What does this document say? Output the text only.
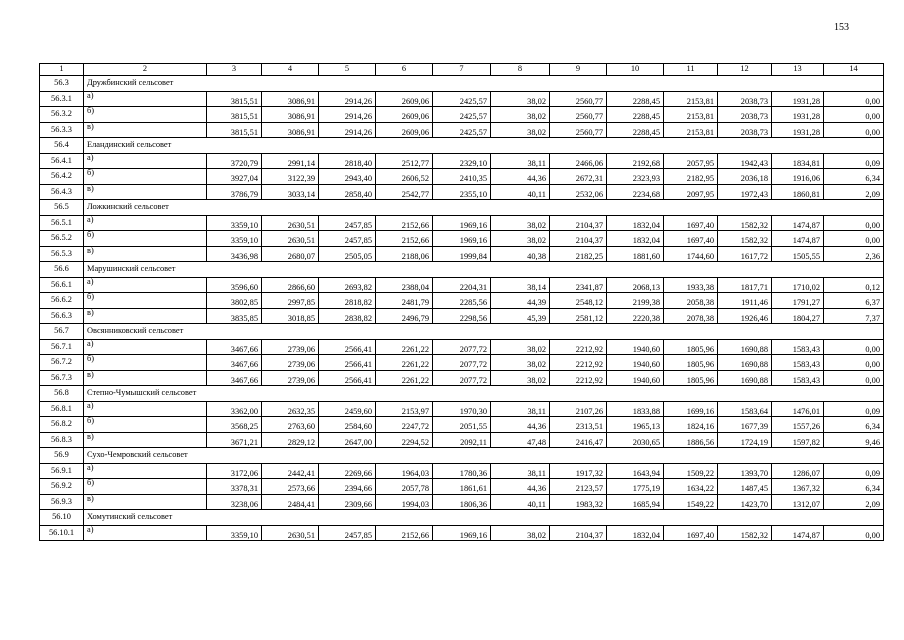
153
1	2	3	4	5	6	7	8	9	10	11	12	13	14
56.3	Дружбинский сельсовет												
56.3.1	а)	3815,51	3086,91	2914,26	2609,06	2425,57	38,02	2560,77	2288,45	2153,81	2038,73	1931,28	0,00
56.3.2	б)	3815,51	3086,91	2914,26	2609,06	2425,57	38,02	2560,77	2288,45	2153,81	2038,73	1931,28	0,00
56.3.3	в)	3815,51	3086,91	2914,26	2609,06	2425,57	38,02	2560,77	2288,45	2153,81	2038,73	1931,28	0,00
56.4	Еландинский сельсовет												
56.4.1	а)	3720,79	2991,14	2818,40	2512,77	2329,10	38,11	2466,06	2192,68	2057,95	1942,43	1834,81	0,09
56.4.2	б)	3927,04	3122,39	2943,40	2606,52	2410,35	44,36	2672,31	2323,93	2182,95	2036,18	1916,06	6,34
56.4.3	в)	3786,79	3033,14	2858,40	2542,77	2355,10	40,11	2532,06	2234,68	2097,95	1972,43	1860,81	2,09
56.5	Ложкинский сельсовет												
56.5.1	а)	3359,10	2630,51	2457,85	2152,66	1969,16	38,02	2104,37	1832,04	1697,40	1582,32	1474,87	0,00
56.5.2	б)	3359,10	2630,51	2457,85	2152,66	1969,16	38,02	2104,37	1832,04	1697,40	1582,32	1474,87	0,00
56.5.3	в)	3436,98	2680,07	2505,05	2188,06	1999,84	40,38	2182,25	1881,60	1744,60	1617,72	1505,55	2,36
56.6	Марушинский сельсовет												
56.6.1	а)	3596,60	2866,60	2693,82	2388,04	2204,31	38,14	2341,87	2068,13	1933,38	1817,71	1710,02	0,12
56.6.2	б)	3802,85	2997,85	2818,82	2481,79	2285,56	44,39	2548,12	2199,38	2058,38	1911,46	1791,27	6,37
56.6.3	в)	3835,85	3018,85	2838,82	2496,79	2298,56	45,39	2581,12	2220,38	2078,38	1926,46	1804,27	7,37
56.7	Овсянниковский сельсовет												
56.7.1	а)	3467,66	2739,06	2566,41	2261,22	2077,72	38,02	2212,92	1940,60	1805,96	1690,88	1583,43	0,00
56.7.2	б)	3467,66	2739,06	2566,41	2261,22	2077,72	38,02	2212,92	1940,60	1805,96	1690,88	1583,43	0,00
56.7.3	в)	3467,66	2739,06	2566,41	2261,22	2077,72	38,02	2212,92	1940,60	1805,96	1690,88	1583,43	0,00
56.8	Степно-Чумышский сельсовет												
56.8.1	а)	3362,00	2632,35	2459,60	2153,97	1970,30	38,11	2107,26	1833,88	1699,16	1583,64	1476,01	0,09
56.8.2	б)	3568,25	2763,60	2584,60	2247,72	2051,55	44,36	2313,51	1965,13	1824,16	1677,39	1557,26	6,34
56.8.3	в)	3671,21	2829,12	2647,00	2294,52	2092,11	47,48	2416,47	2030,65	1886,56	1724,19	1597,82	9,46
56.9	Сухо-Чемровский сельсовет												
56.9.1	а)	3172,06	2442,41	2269,66	1964,03	1780,36	38,11	1917,32	1643,94	1509,22	1393,70	1286,07	0,09
56.9.2	б)	3378,31	2573,66	2394,66	2057,78	1861,61	44,36	2123,57	1775,19	1634,22	1487,45	1367,32	6,34
56.9.3	в)	3238,06	2484,41	2309,66	1994,03	1806,36	40,11	1983,32	1685,94	1549,22	1423,70	1312,07	2,09
56.10	Хомутинский сельсовет												
56.10.1	а)	3359,10	2630,51	2457,85	2152,66	1969,16	38,02	2104,37	1832,04	1697,40	1582,32	1474,87	0,00
